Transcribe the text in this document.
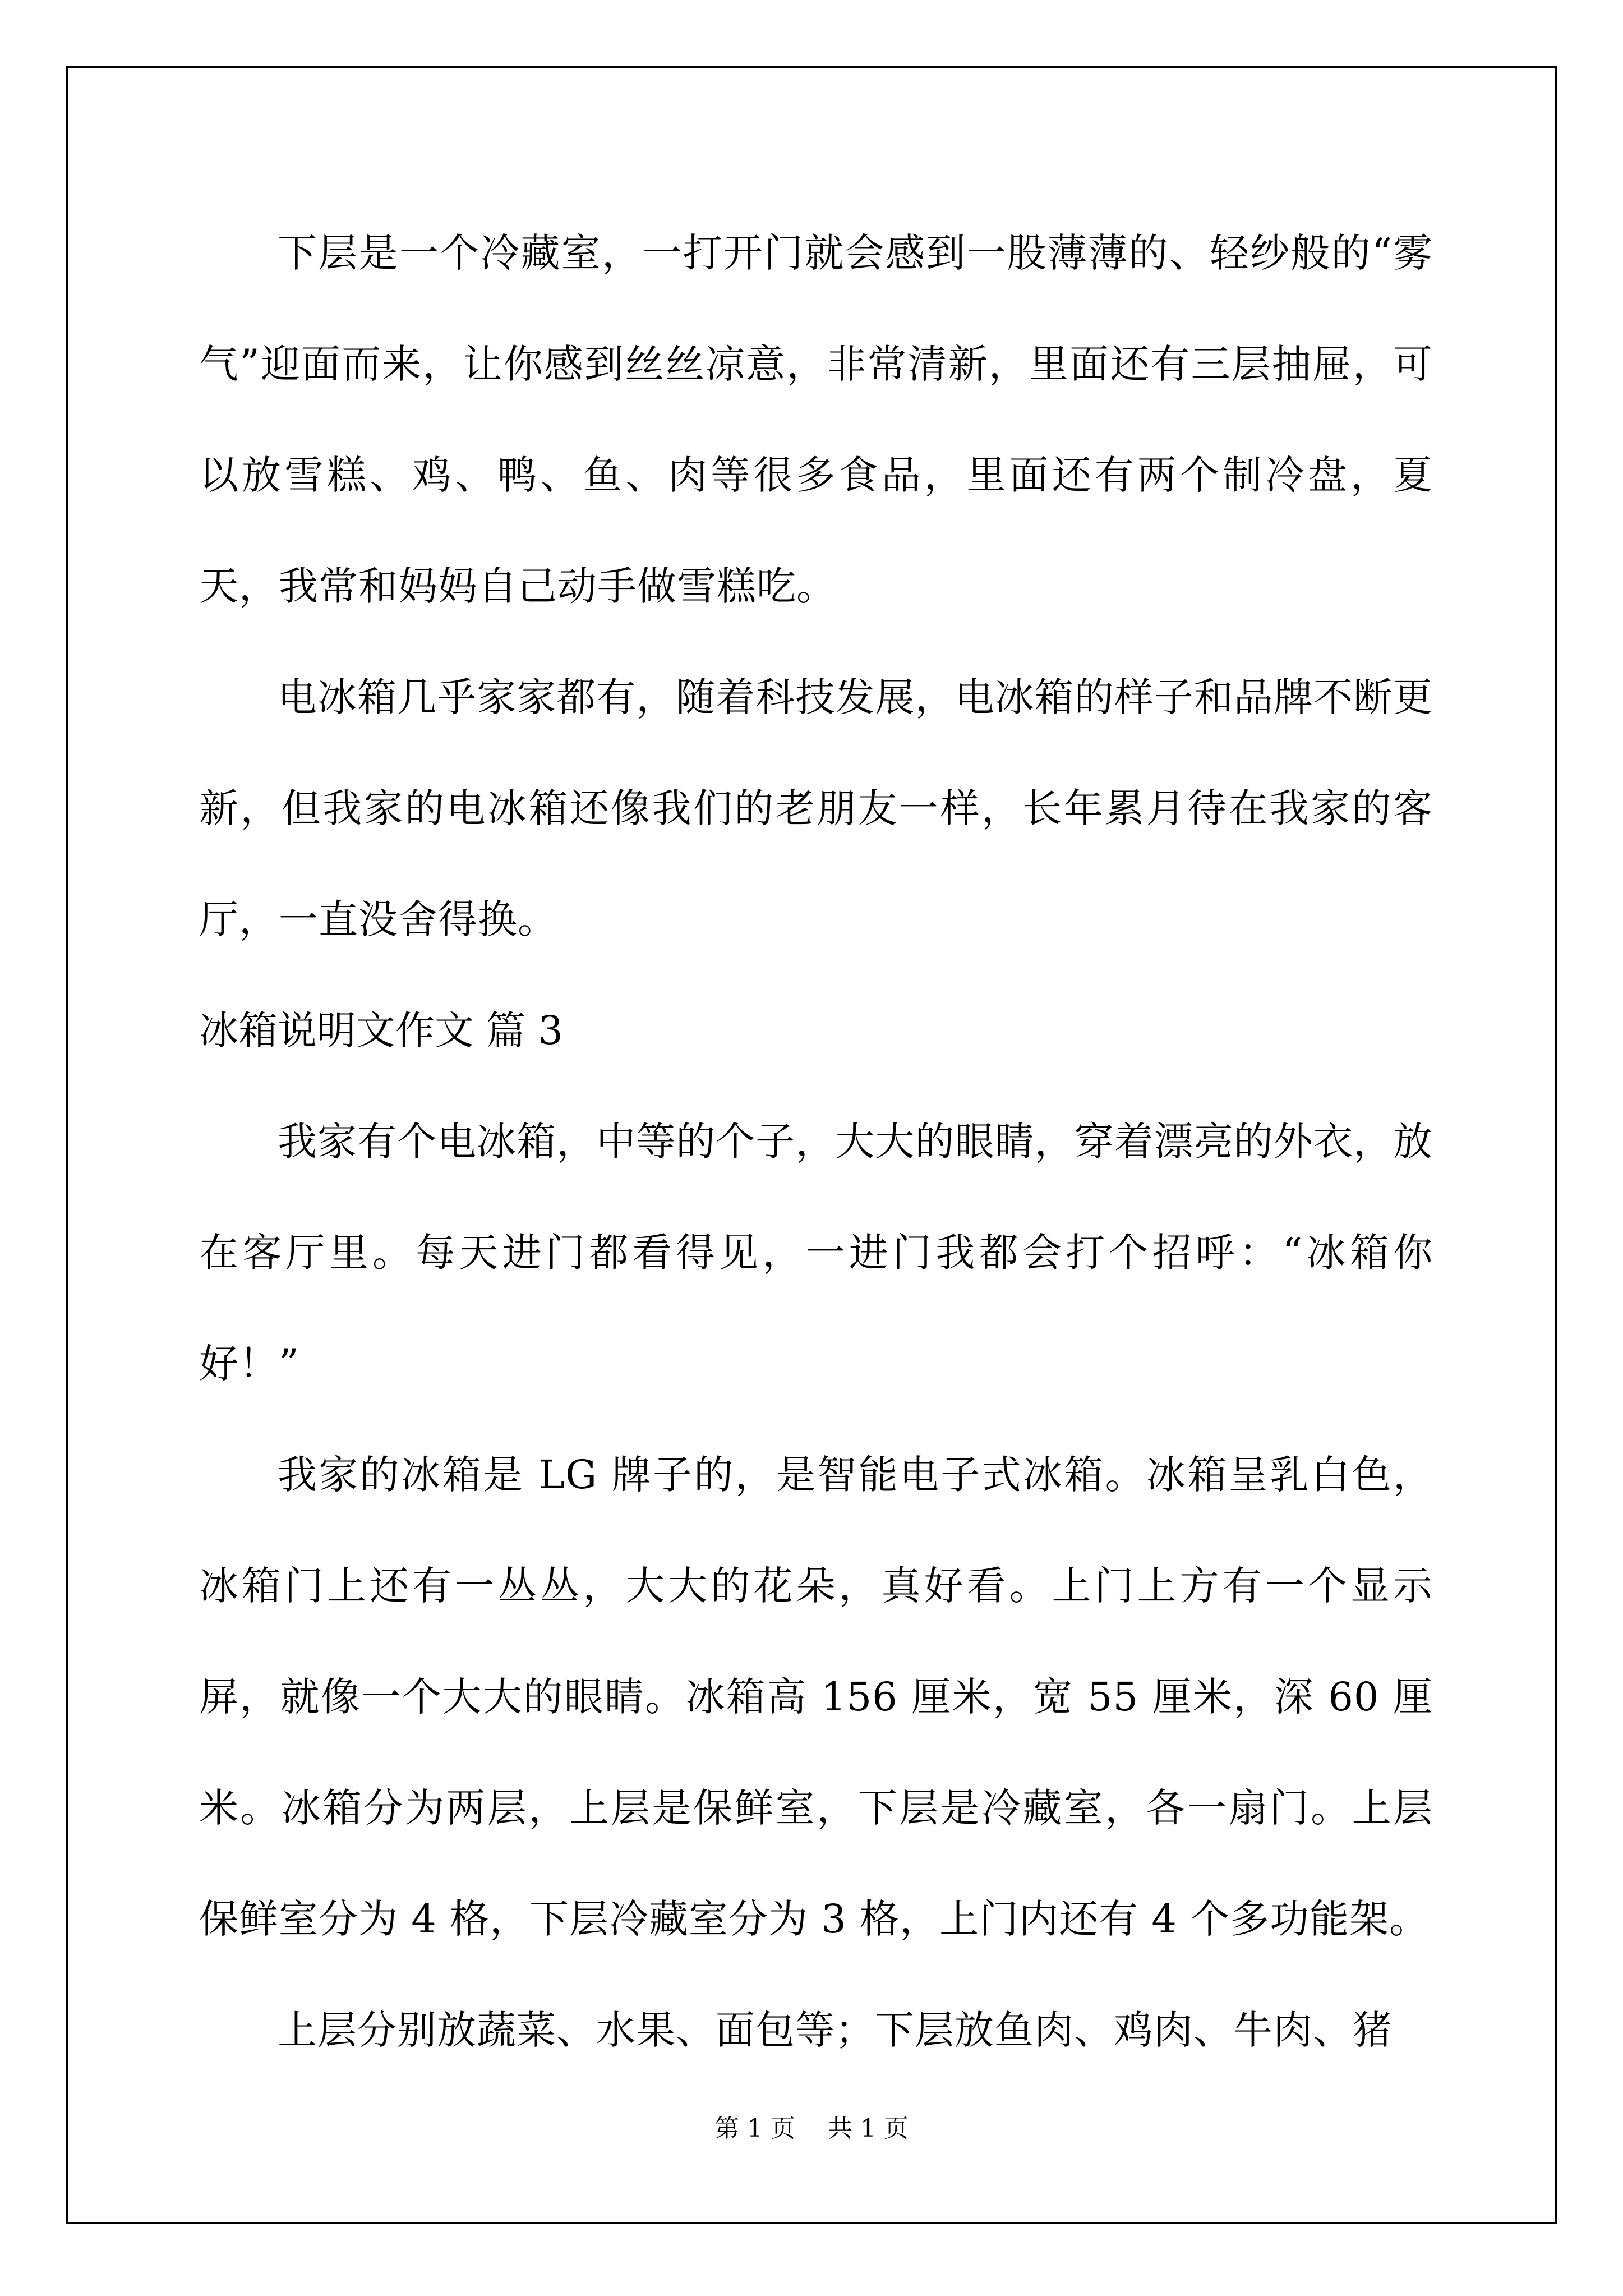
下层是一个冷藏室，一打开门就会感到一股薄薄的、轻纱般的“雾气”迎面而来，让你感到丝丝凉意，非常清新，里面还有三层抽屉，可以放雪糕、鸡、鸭、鱼、肉等很多食品，里面还有两个制冷盘，夏天，我常和妈妈自己动手做雪糕吃。

电冰箱几乎家家都有，随着科技发展，电冰箱的样子和品牌不断更新，但我家的电冰箱还像我们的老朋友一样，长年累月待在我家的客厅，一直没舍得换。

冰箱说明文作文 篇 3

我家有个电冰箱，中等的个子，大大的眼睛，穿着漂亮的外衣，放在客厅里。每天进门都看得见，一进门我都会打个招呼：“冰箱你好！”

我家的冰箱是 LG 牌子的，是智能电子式冰箱。冰箱呈乳白色，冰箱门上还有一丛丛，大大的花朵，真好看。上门上方有一个显示屏，就像一个大大的眼睛。冰箱高 156 厘米，宽 55 厘米，深 60 厘米。冰箱分为两层，上层是保鲜室，下层是冷藏室，各一扇门。上层保鲜室分为 4 格，下层冷藏室分为 3 格，上门内还有 4 个多功能架。

上层分别放蔬菜、水果、面包等；下层放鱼肉、鸡肉、牛肉、猪

第 1 页 共 1 页
